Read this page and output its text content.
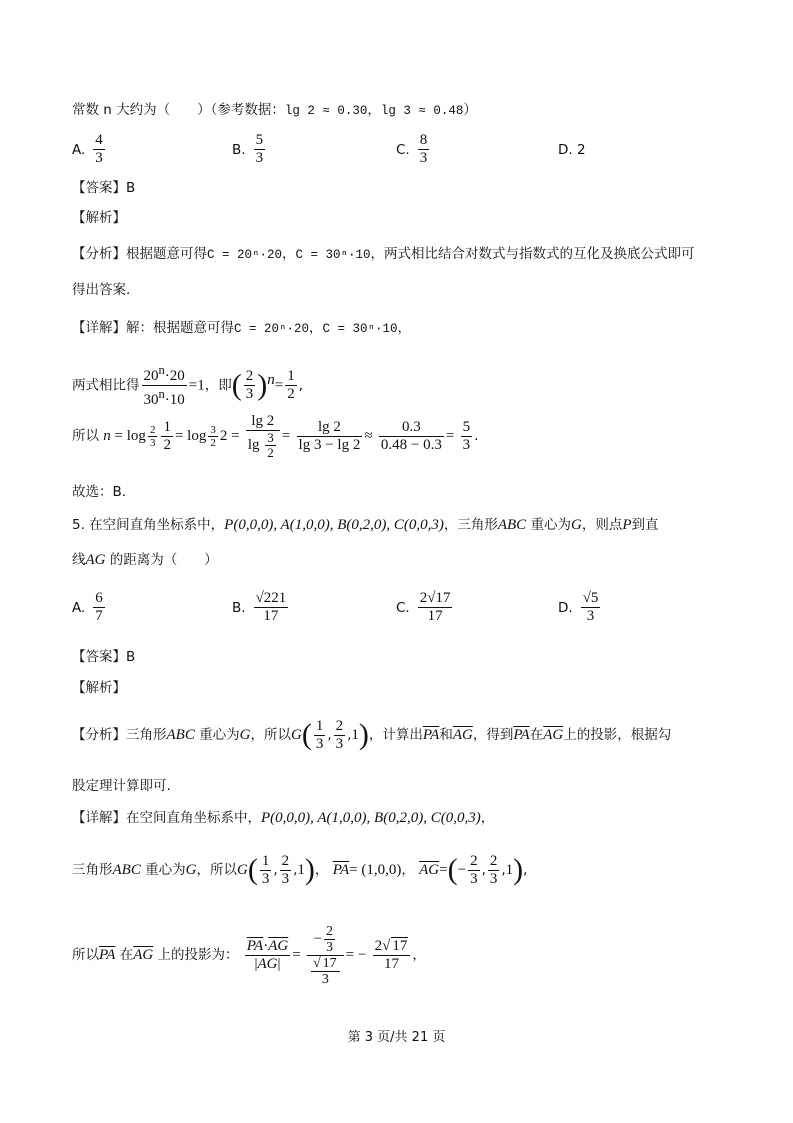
常数 n 大约为（　　）（参考数据：lg 2 ≈ 0.30，lg 3 ≈ 0.48）
A. $\frac{4}{3}$	B. $\frac{5}{3}$	C. $\frac{8}{3}$	D. 2
【答案】B
【解析】
【分析】根据题意可得C = 20ⁿ·20，C = 30ⁿ·10，两式相比结合对数式与指数式的互化及换底公式即可
得出答案.
【详解】解：根据题意可得C = 20ⁿ·20，C = 30ⁿ·10，
两式相比得 $\frac{20^n\cdot 20}{30^n\cdot 10} =1$，即( $\frac{2}{3} )^n= \frac{1}{2}$ ,
所以 $n = \log \frac{2}{3} \frac{1}{2} = \log \frac{3}{2} 2 = \frac{\lg 2}{\lg \frac{3}{2}} = \frac{\lg 2}{\lg 3 - \lg 2} \approx \frac{0.3}{0.48 - 0.3} = \frac{5}{3}$ .
故选：B.
5. 在空间直角坐标系中，P(0,0,0), A(1,0,0), B(0,2,0), C(0,0,3)，三角形ABC 重心为G，则点P到直
线AG 的距离为（　　）
A. $\frac{6}{7}$	B. $\frac{√221}{17}$	C. $\frac{2√17}{17}$	D. $\frac{√5}{3}$
【答案】B
【解析】
【分析】三角形ABC 重心为G，所以$G( \frac{1}{3}$ , $\frac{2}{3} ,1$)，计算出$\overline{PA}$和$\overline{AG}$，得到$\overline{PA}$在$\overline{AG}$上的投影，根据勾
股定理计算即可.
【详解】在空间直角坐标系中，P(0,0,0), A(1,0,0), B(0,2,0), C(0,0,3)，
三角形ABC 重心为G，所以$G( \frac{1}{3}$ , $\frac{2}{3} ,1$)， $\overline{PA}= (1,0,0)$， $\overline{AG}=(- \frac{2}{3}$ , $\frac{2}{3} ,1$),
所以$\overline{PA}$ 在$\overline{AG}$ 上的投影为： $\frac{\overline{PA}\cdot\overline{AG}}{|\overline{AG}|} = \frac{- \frac{2}{3}}{\frac{√ 17}{3}}$ = − $\frac{2√ 17}{17}$ ，
第 3 页/共 21 页
